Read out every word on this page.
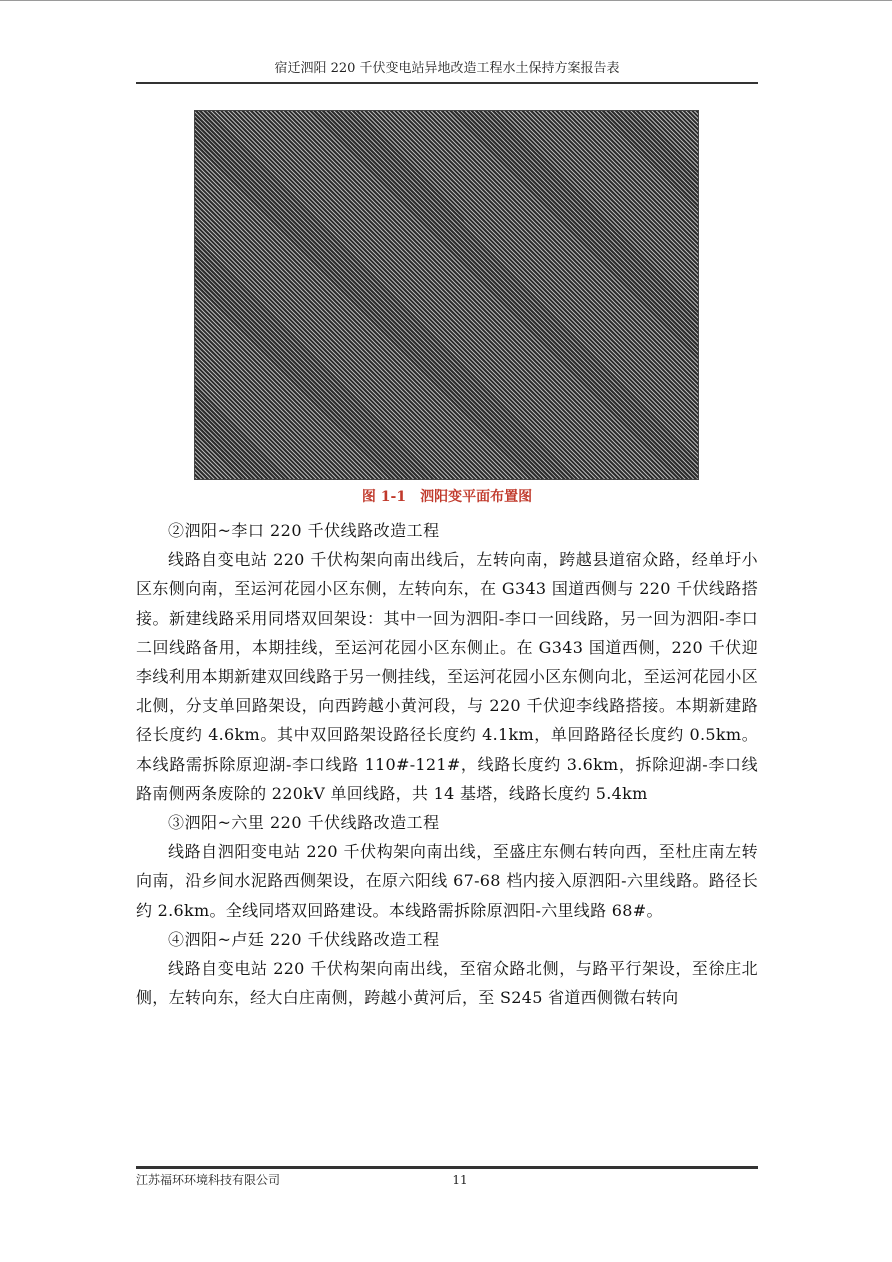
宿迁泗阳 220 千伏变电站异地改造工程水土保持方案报告表
图 1-1　泗阳变平面布置图

②泗阳~李口 220 千伏线路改造工程

线路自变电站 220 千伏构架向南出线后，左转向南，跨越县道宿众路，经单圩小区东侧向南，至运河花园小区东侧，左转向东，在 G343 国道西侧与 220 千伏线路搭接。新建线路采用同塔双回架设：其中一回为泗阳-李口一回线路，另一回为泗阳-李口二回线路备用，本期挂线，至运河花园小区东侧止。在 G343 国道西侧，220 千伏迎李线利用本期新建双回线路于另一侧挂线，至运河花园小区东侧向北，至运河花园小区北侧，分支单回路架设，向西跨越小黄河段，与 220 千伏迎李线路搭接。本期新建路径长度约 4.6km。其中双回路架设路径长度约 4.1km，单回路路径长度约 0.5km。本线路需拆除原迎湖-李口线路 110#-121#，线路长度约 3.6km，拆除迎湖-李口线路南侧两条废除的 220kV 单回线路，共 14 基塔，线路长度约 5.4km

③泗阳~六里 220 千伏线路改造工程

线路自泗阳变电站 220 千伏构架向南出线，至盛庄东侧右转向西，至杜庄南左转向南，沿乡间水泥路西侧架设，在原六阳线 67-68 档内接入原泗阳-六里线路。路径长约 2.6km。全线同塔双回路建设。本线路需拆除原泗阳-六里线路 68#。

④泗阳~卢廷 220 千伏线路改造工程

线路自变电站 220 千伏构架向南出线，至宿众路北侧，与路平行架设，至徐庄北侧，左转向东，经大白庄南侧，跨越小黄河后，至 S245 省道西侧微右转向

江苏福环环境科技有限公司	11
